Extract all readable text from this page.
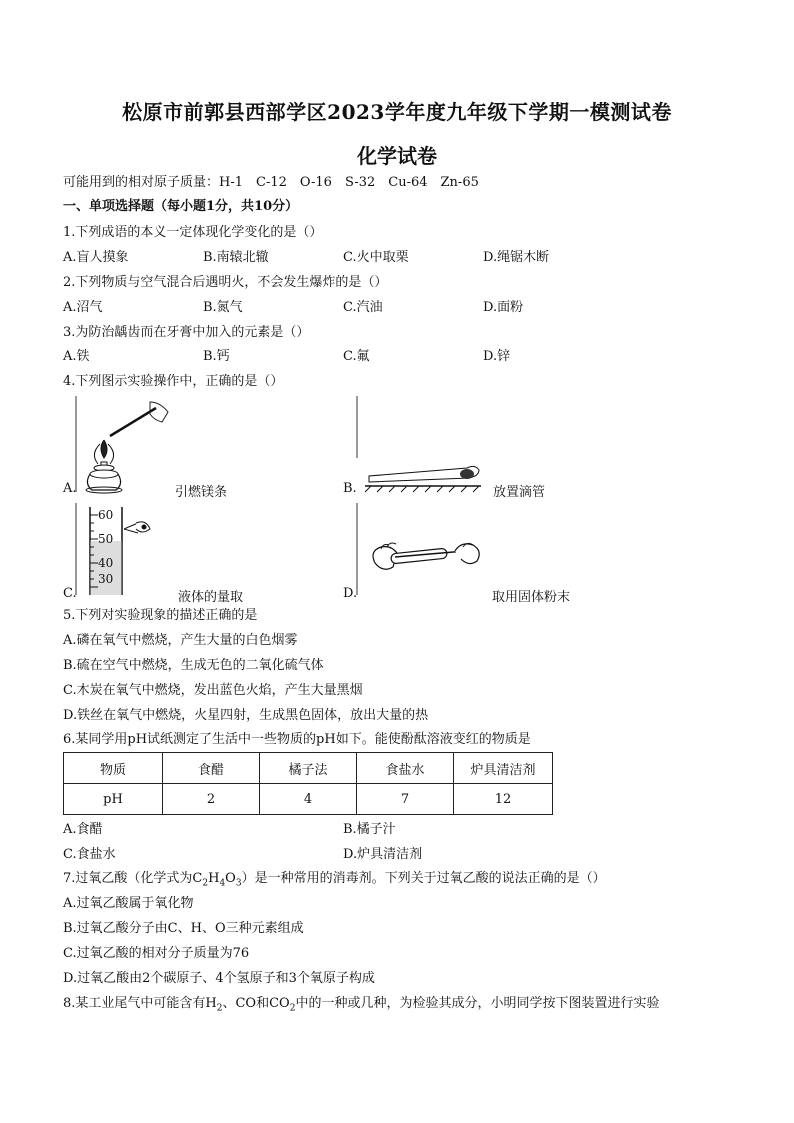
松原市前郭县西部学区2023学年度九年级下学期一模测试卷
化学试卷
可能用到的相对原子质量：H-1　C-12　O-16　S-32　Cu-64　Zn-65
一、单项选择题（每小题1分，共10分）
1.下列成语的本义一定体现化学变化的是（）
A.盲人摸象	B.南辕北辙	C.火中取栗	D.绳锯木断
2.下列物质与空气混合后遇明火，不会发生爆炸的是（）
A.沼气	B.氮气	C.汽油	D.面粉
3.为防治龋齿而在牙膏中加入的元素是（）
A.铁	B.钙	C.氟	D.锌
4.下列图示实验操作中，正确的是（）
A.	引燃镁条	B.	放置滴管
C.
60
50
40
30
液体的量取	D.	取用固体粉末
5.下列对实验现象的描述正确的是
A.磷在氧气中燃烧，产生大量的白色烟雾
B.硫在空气中燃烧，生成无色的二氧化硫气体
C.木炭在氧气中燃烧，发出蓝色火焰，产生大量黑烟
D.铁丝在氧气中燃烧，火星四射，生成黑色固体，放出大量的热
6.某同学用pH试纸测定了生活中一些物质的pH如下。能使酚酞溶液变红的物质是
物质	食醋	橘子法	食盐水	炉具清洁剂
pH	2	4	7	12
A.食醋	B.橘子汁
C.食盐水	D.炉具清洁剂
7.过氧乙酸（化学式为$C_2H_4O_3$）是一种常用的消毒剂。下列关于过氧乙酸的说法正确的是（）
A.过氧乙酸属于氧化物
B.过氧乙酸分子由C、H、O三种元素组成
C.过氧乙酸的相对分子质量为76
D.过氧乙酸由2个碳原子、4个氢原子和3个氧原子构成
8.某工业尾气中可能含有$H_2$、CO和$CO_2$中的一种或几种，为检验其成分，小明同学按下图装置进行实验
